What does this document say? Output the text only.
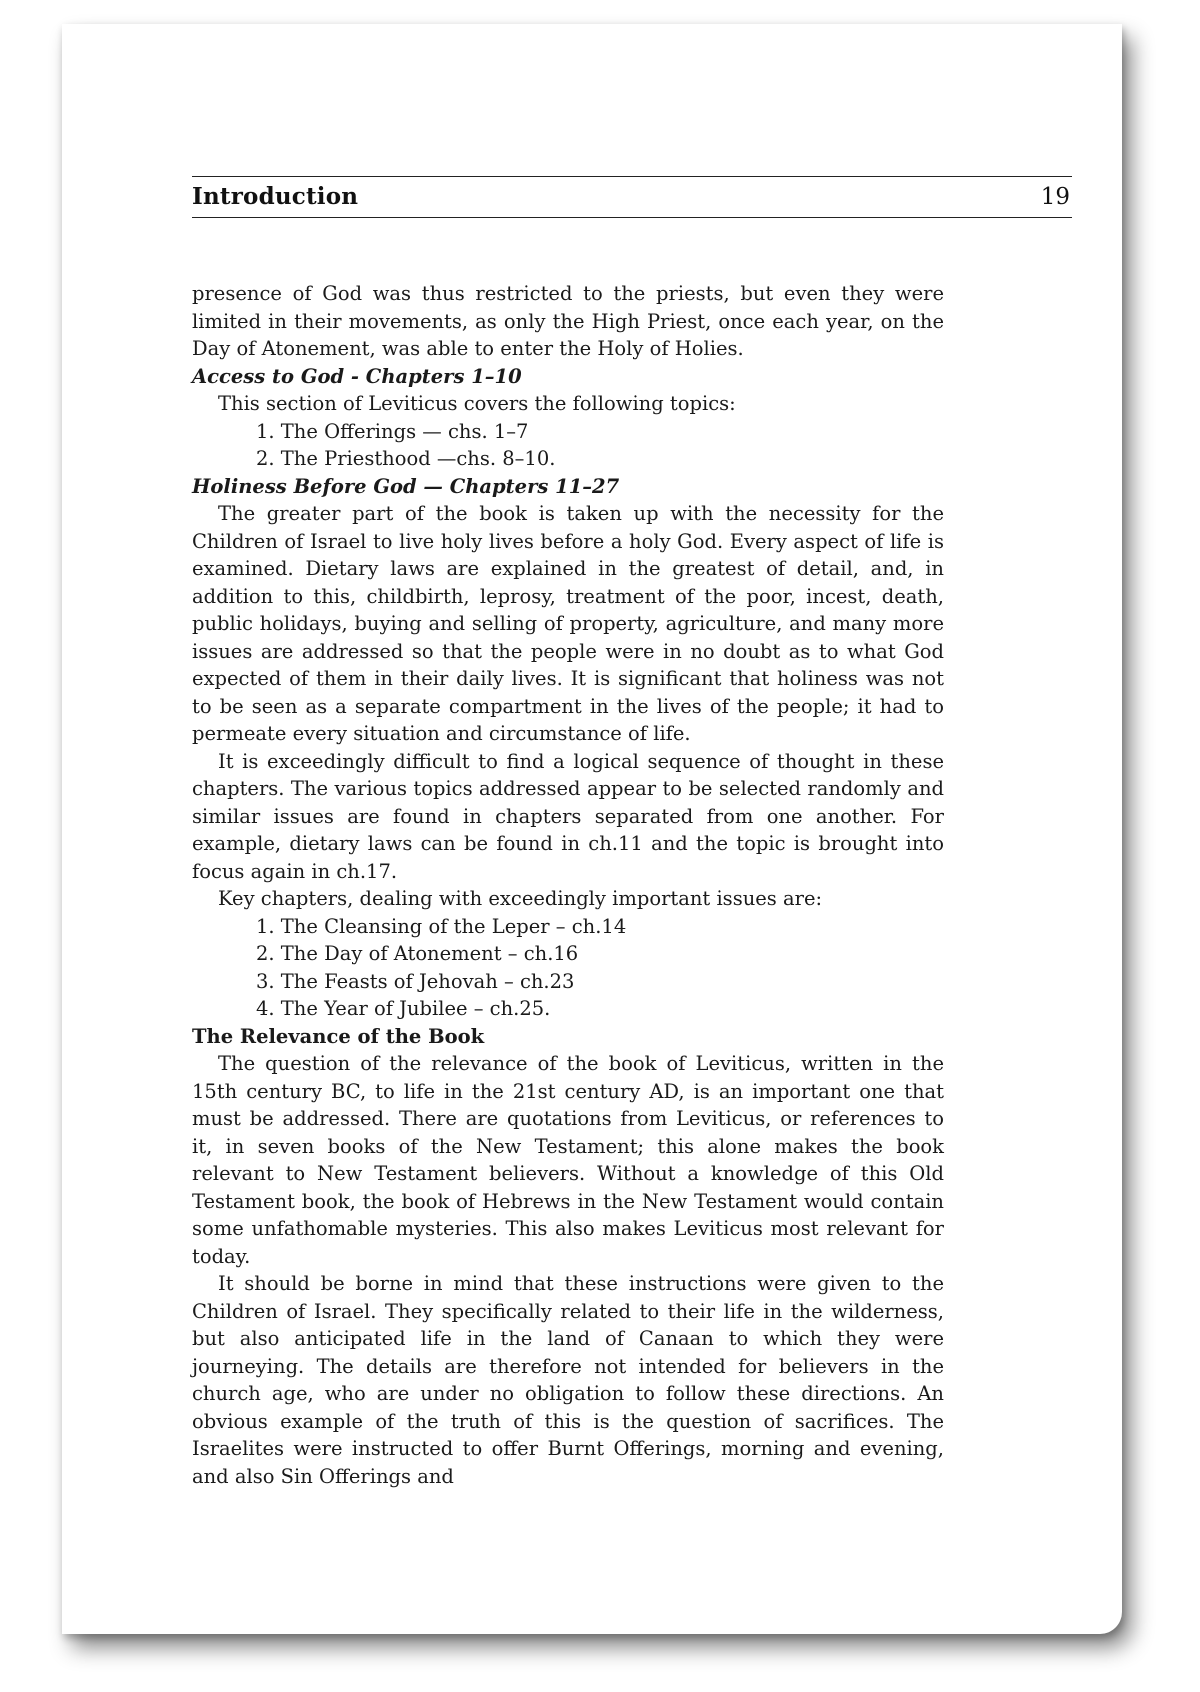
Introduction	19

presence of God was thus restricted to the priests, but even they were limited in their movements, as only the High Priest, once each year, on the Day of Atonement, was able to enter the Holy of Holies.

Access to God - Chapters 1–10

This section of Leviticus covers the following topics:

1. The Offerings — chs. 1–7
2. The Priesthood —chs. 8–10.

Holiness Before God — Chapters 11–27

The greater part of the book is taken up with the necessity for the Children of Israel to live holy lives before a holy God. Every aspect of life is examined. Dietary laws are explained in the greatest of detail, and, in addition to this, childbirth, leprosy, treatment of the poor, incest, death, public holidays, buying and selling of property, agriculture, and many more issues are addressed so that the people were in no doubt as to what God expected of them in their daily lives. It is significant that holiness was not to be seen as a separate compartment in the lives of the people; it had to permeate every situation and circumstance of life.

It is exceedingly difficult to find a logical sequence of thought in these chapters. The various topics addressed appear to be selected randomly and similar issues are found in chapters separated from one another. For example, dietary laws can be found in ch.11 and the topic is brought into focus again in ch.17.

Key chapters, dealing with exceedingly important issues are:

1. The Cleansing of the Leper – ch.14
2. The Day of Atonement – ch.16
3. The Feasts of Jehovah – ch.23
4. The Year of Jubilee – ch.25.

The Relevance of the Book

The question of the relevance of the book of Leviticus, written in the 15th century BC, to life in the 21st century AD, is an important one that must be addressed. There are quotations from Leviticus, or references to it, in seven books of the New Testament; this alone makes the book relevant to New Testament believers. Without a knowledge of this Old Testament book, the book of Hebrews in the New Testament would contain some unfathomable mysteries. This also makes Leviticus most relevant for today.

It should be borne in mind that these instructions were given to the Children of Israel. They specifically related to their life in the wilderness, but also anticipated life in the land of Canaan to which they were journeying. The details are therefore not intended for believers in the church age, who are under no obligation to follow these directions. An obvious example of the truth of this is the question of sacrifices. The Israelites were instructed to offer Burnt Offerings, morning and evening, and also Sin Offerings and
